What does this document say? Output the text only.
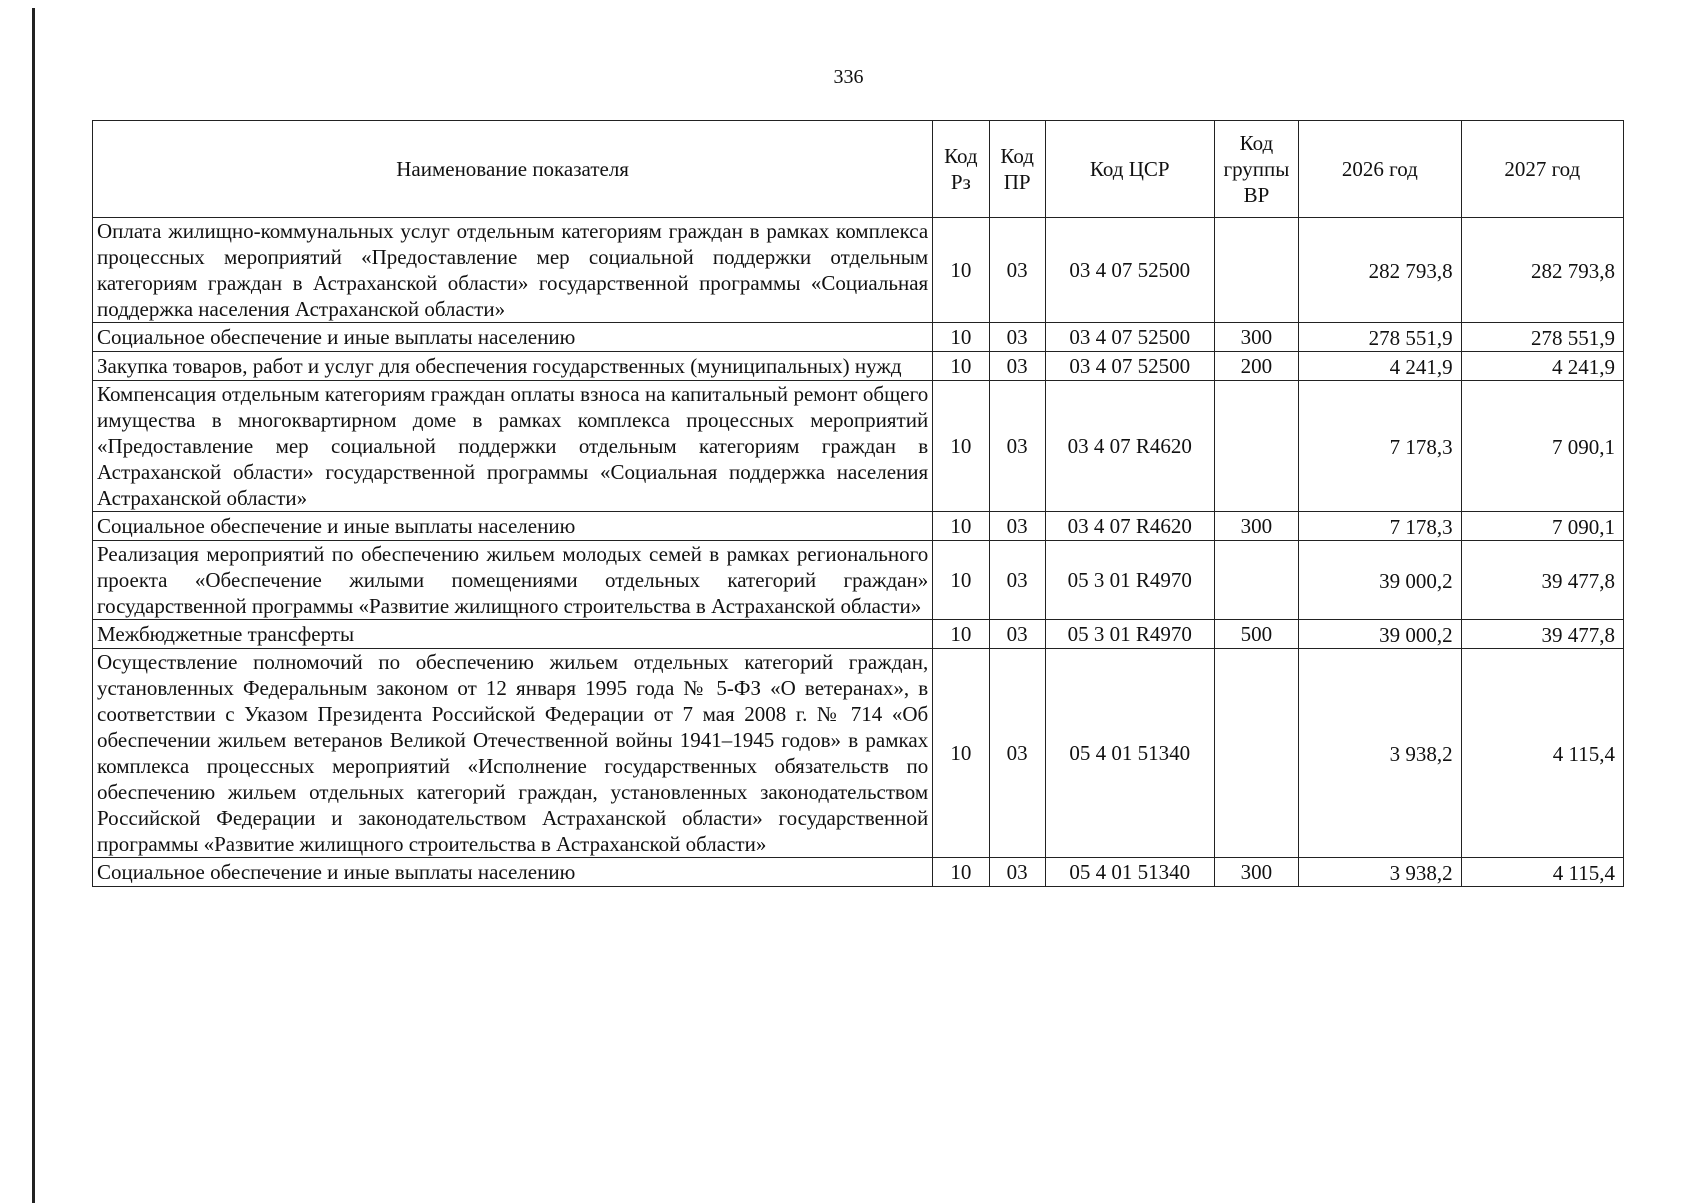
336
Наименование показателя	Код Рз	Код ПР	Код ЦСР	Код группы ВР	2026 год	2027 год
Оплата жилищно-коммунальных услуг отдельным категориям граждан в рамках комплекса процессных мероприятий «Предоставление мер социальной поддержки отдельным категориям граждан в Астраханской области» государственной программы «Социальная поддержка населения Астраханской области»	10	03	03 4 07 52500		282 793,8	282 793,8
Социальное обеспечение и иные выплаты населению	10	03	03 4 07 52500	300	278 551,9	278 551,9
Закупка товаров, работ и услуг для обеспечения государственных (муниципальных) нужд	10	03	03 4 07 52500	200	4 241,9	4 241,9
Компенсация отдельным категориям граждан оплаты взноса на капитальный ремонт общего имущества в многоквартирном доме в рамках комплекса процессных мероприятий «Предоставление мер социальной поддержки отдельным категориям граждан в Астраханской области» государственной программы «Социальная поддержка населения Астраханской области»	10	03	03 4 07 R4620		7 178,3	7 090,1
Социальное обеспечение и иные выплаты населению	10	03	03 4 07 R4620	300	7 178,3	7 090,1
Реализация мероприятий по обеспечению жильем молодых семей в рамках регионального проекта «Обеспечение жилыми помещениями отдельных категорий граждан» государственной программы «Развитие жилищного строительства в Астраханской области»	10	03	05 3 01 R4970		39 000,2	39 477,8
Межбюджетные трансферты	10	03	05 3 01 R4970	500	39 000,2	39 477,8
Осуществление полномочий по обеспечению жильем отдельных категорий граждан, установленных Федеральным законом от 12 января 1995 года № 5-ФЗ «О ветеранах», в соответствии с Указом Президента Российской Федерации от 7 мая 2008 г. № 714 «Об обеспечении жильем ветеранов Великой Отечественной войны 1941–1945 годов» в рамках комплекса процессных мероприятий «Исполнение государственных обязательств по обеспечению жильем отдельных категорий граждан, установленных законодательством Российской Федерации и законодательством Астраханской области» государственной программы «Развитие жилищного строительства в Астраханской области»	10	03	05 4 01 51340		3 938,2	4 115,4
Социальное обеспечение и иные выплаты населению	10	03	05 4 01 51340	300	3 938,2	4 115,4
